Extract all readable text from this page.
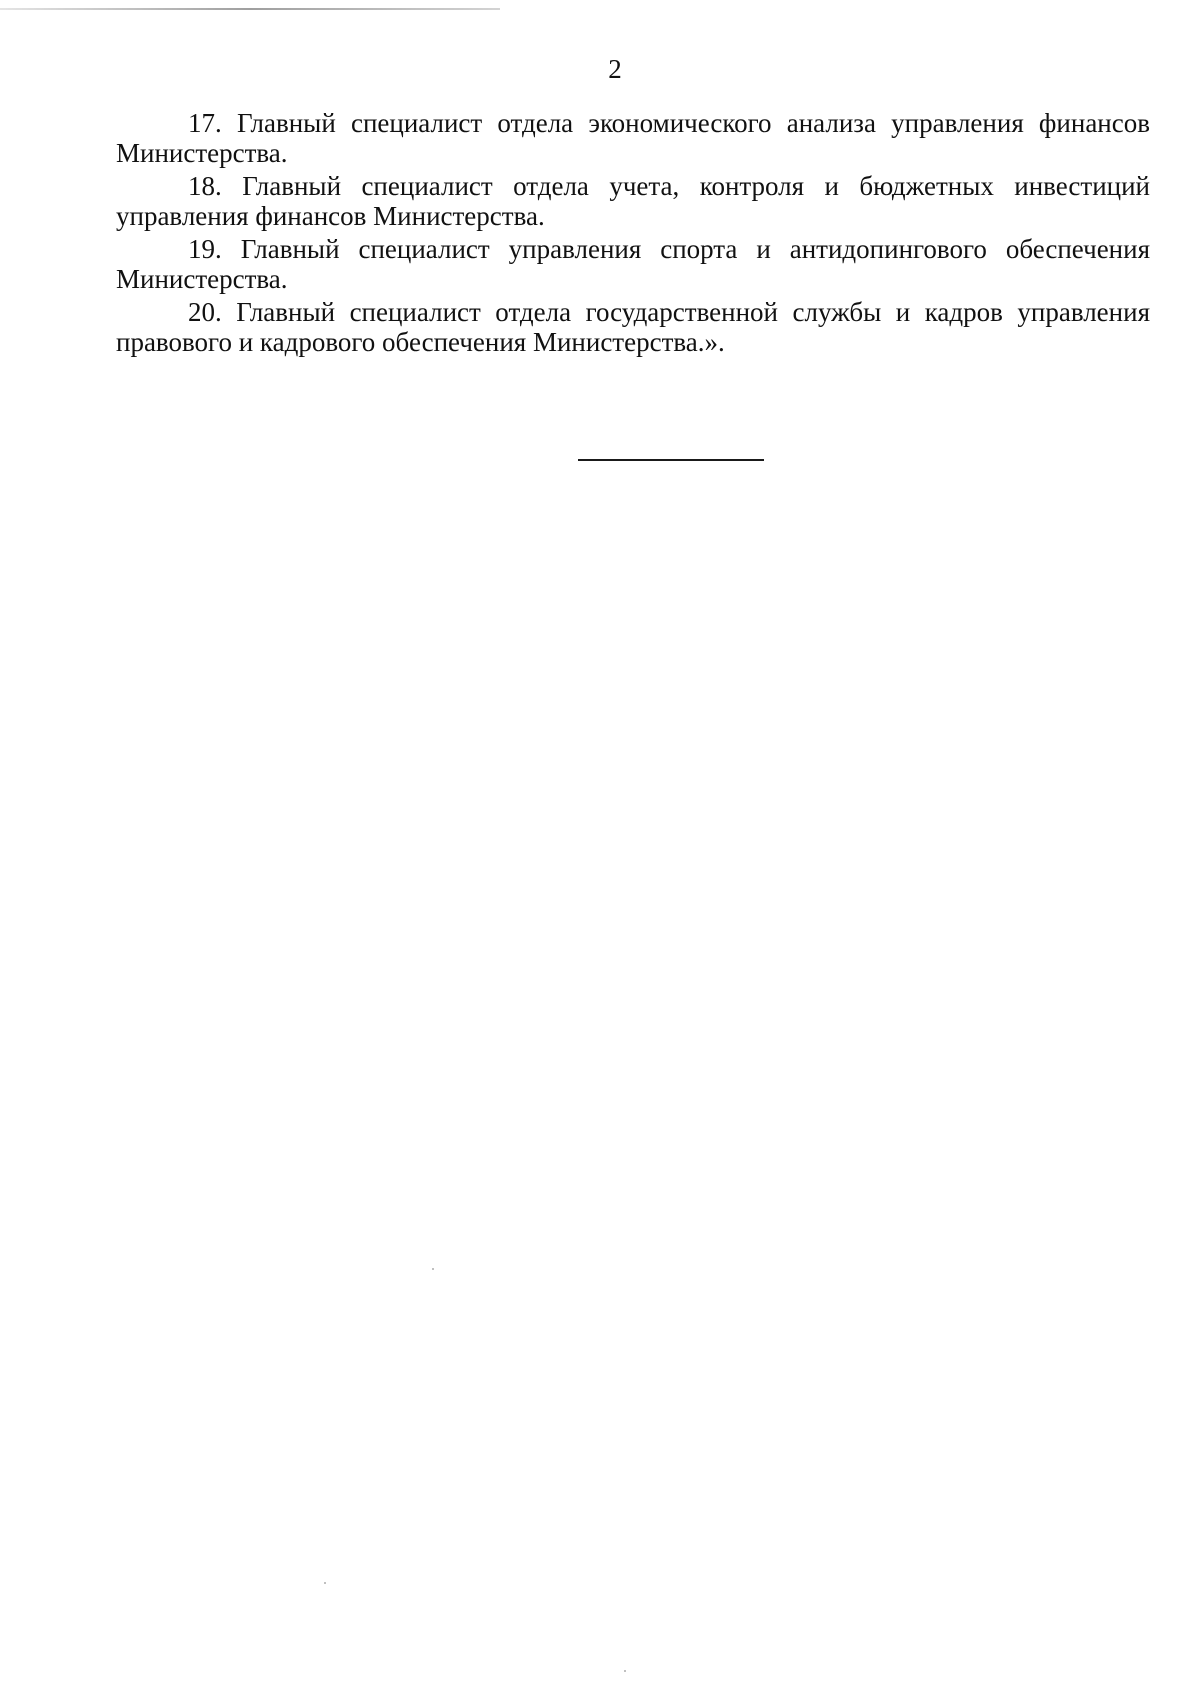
2

17. Главный специалист отдела экономического анализа управления финансов Министерства.

18. Главный специалист отдела учета, контроля и бюджетных инвестиций управления финансов Министерства.

19. Главный специалист управления спорта и антидопингового обеспечения Министерства.

20. Главный специалист отдела государственной службы и кадров управления правового и кадрового обеспечения Министерства.».
